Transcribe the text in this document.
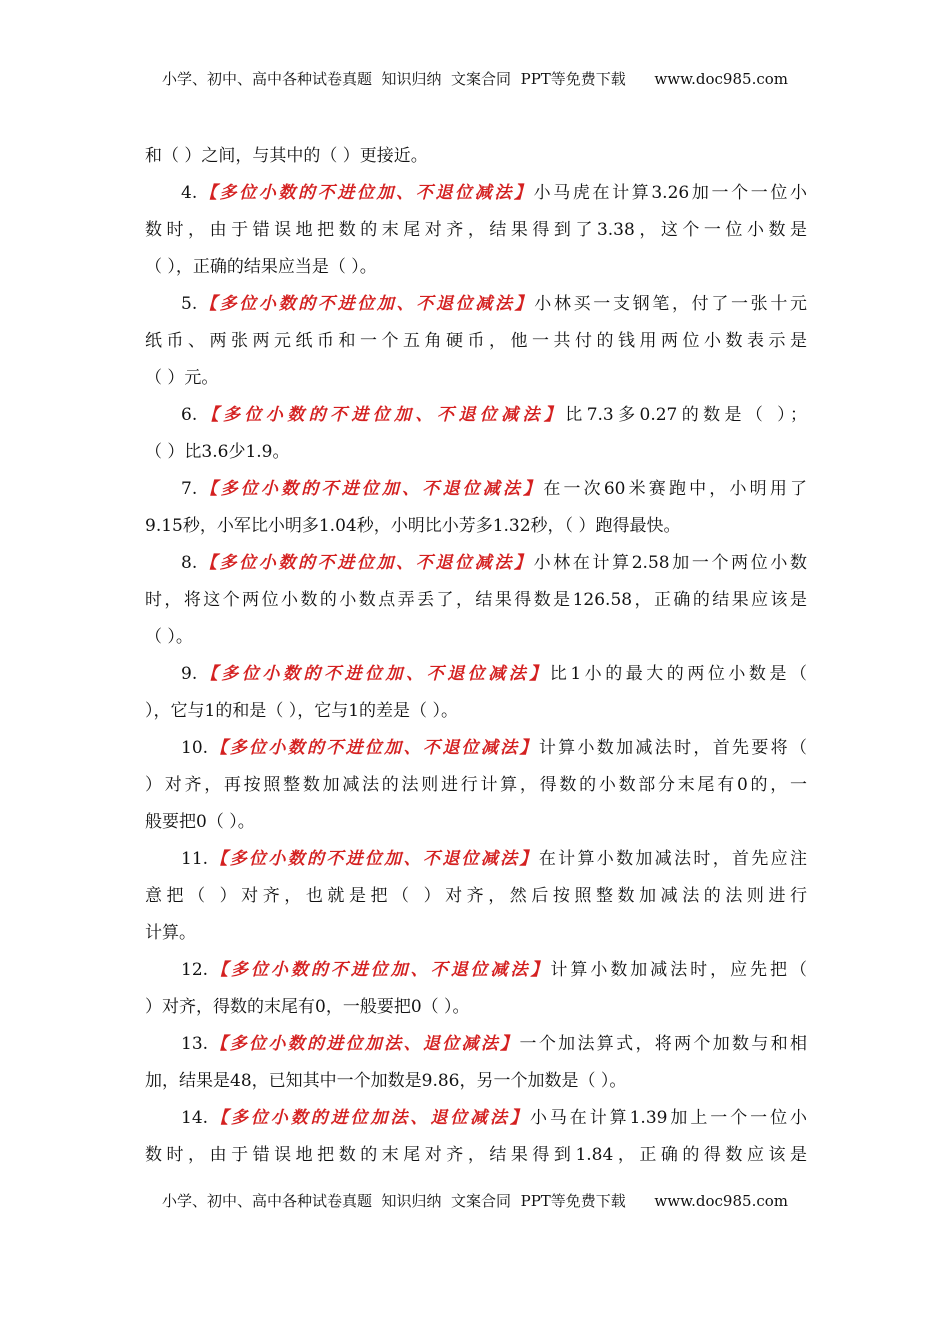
小学、初中、高中各种试卷真题  知识归纳  文案合同  PPT等免费下载      www.doc985.com
和（ ）之间，与其中的（ ）更接近。
4.【多位小数的不进位加、不退位减法】小马虎在计算3.26加一个一位小
数时，由于错误地把数的末尾对齐，结果得到了3.38，这个一位小数是
（ ），正确的结果应当是（ ）。
5.【多位小数的不进位加、不退位减法】小林买一支钢笔，付了一张十元
纸币、两张两元纸币和一个五角硬币，他一共付的钱用两位小数表示是
（ ）元。
6.【多位小数的不进位加、不退位减法】比7.3多0.27的数是（ ）；
（ ）比3.6少1.9。
7.【多位小数的不进位加、不退位减法】在一次60米赛跑中，小明用了
9.15秒，小军比小明多1.04秒，小明比小芳多1.32秒，（ ）跑得最快。
8.【多位小数的不进位加、不退位减法】小林在计算2.58加一个两位小数
时，将这个两位小数的小数点弄丢了，结果得数是126.58，正确的结果应该是
（ ）。
9.【多位小数的不进位加、不退位减法】比1小的最大的两位小数是（
），它与1的和是（ ），它与1的差是（ ）。
10.【多位小数的不进位加、不退位减法】计算小数加减法时，首先要将（
）对齐，再按照整数加减法的法则进行计算，得数的小数部分末尾有0的，一
般要把0（ ）。
11.【多位小数的不进位加、不退位减法】在计算小数加减法时，首先应注
意把（ ）对齐，也就是把（ ）对齐，然后按照整数加减法的法则进行
计算。
12.【多位小数的不进位加、不退位减法】计算小数加减法时，应先把（
）对齐，得数的末尾有0，一般要把0（ ）。
13.【多位小数的进位加法、退位减法】一个加法算式，将两个加数与和相
加，结果是48，已知其中一个加数是9.86，另一个加数是（ ）。
14.【多位小数的进位加法、退位减法】小马在计算1.39加上一个一位小
数时，由于错误地把数的末尾对齐，结果得到1.84，正确的得数应该是
小学、初中、高中各种试卷真题  知识归纳  文案合同  PPT等免费下载      www.doc985.com
